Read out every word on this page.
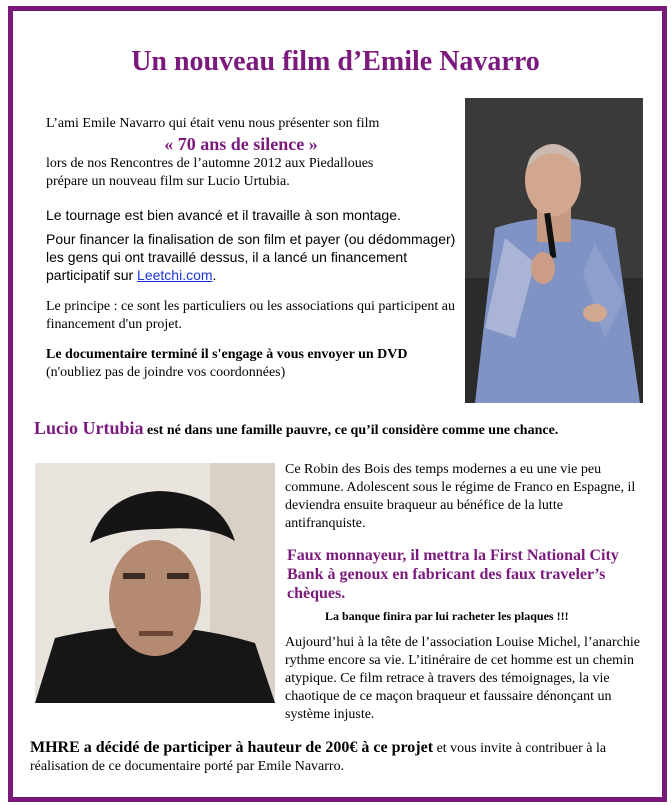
Un nouveau film d’Emile Navarro
L’ami Emile Navarro qui était venu nous présenter son film
« 70 ans de silence »
lors de nos Rencontres de l’automne 2012 aux Piedalloues
prépare un nouveau film sur Lucio Urtubia.
Le tournage est bien avancé et il travaille à son montage.
Pour financer la finalisation de son film et payer (ou dédommager) les gens qui ont travaillé dessus, il a lancé un financement participatif sur Leetchi.com.
Le principe : ce sont les particuliers ou les associations qui participent au financement d'un projet.
Le documentaire terminé il s'engage à vous envoyer un DVD (n'oubliez pas de joindre vos coordonnées)
Lucio Urtubia est né dans une famille pauvre, ce qu’il considère comme une chance.
Ce Robin des Bois des temps modernes a eu une vie peu commune. Adolescent sous le régime de Franco en Espagne, il deviendra ensuite braqueur au bénéfice de la lutte antifranquiste.
Faux monnayeur, il mettra la First National City Bank à genoux en fabricant des faux traveler’s chèques.
La banque finira par lui racheter les plaques !!!
Aujourd’hui à la tête de l’association Louise Michel, l’anarchie rythme encore sa vie. L’itinéraire de cet homme est un chemin atypique. Ce film retrace à travers des témoignages, la vie chaotique de ce maçon braqueur et faussaire dénonçant un système injuste.
MHRE a décidé de participer à hauteur de 200€ à ce projet et vous invite à contribuer à la réalisation de ce documentaire porté par Emile Navarro.
